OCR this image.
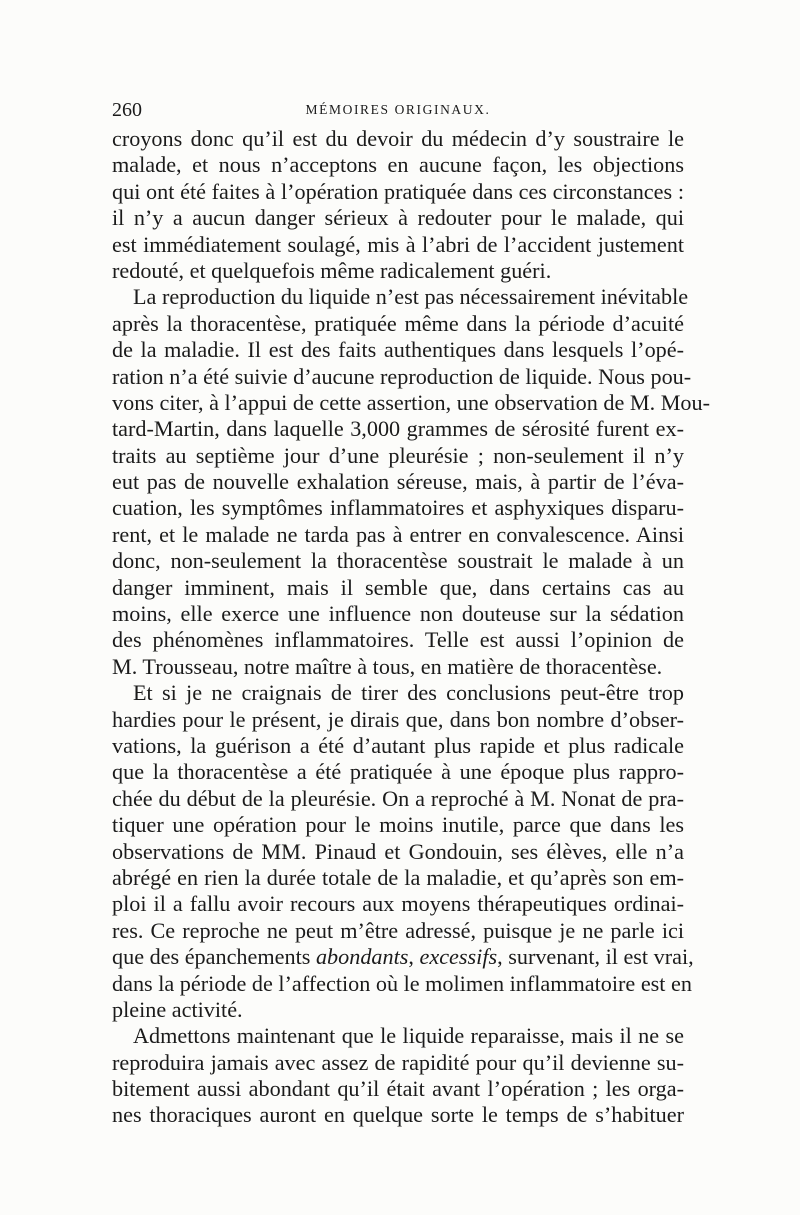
260	MÉMOIRES ORIGINAUX.
croyons donc qu’il est du devoir du médecin d’y soustraire le
malade, et nous n’acceptons en aucune façon, les objections
qui ont été faites à l’opération pratiquée dans ces circonstances :
il n’y a aucun danger sérieux à redouter pour le malade, qui
est immédiatement soulagé, mis à l’abri de l’accident justement
redouté, et quelquefois même radicalement guéri.
La reproduction du liquide n’est pas nécessairement inévitable
après la thoracentèse, pratiquée même dans la période d’acuité
de la maladie. Il est des faits authentiques dans lesquels l’opé-
ration n’a été suivie d’aucune reproduction de liquide. Nous pou-
vons citer, à l’appui de cette assertion, une observation de M. Mou-
tard-Martin, dans laquelle 3,000 grammes de sérosité furent ex-
traits au septième jour d’une pleurésie ; non-seulement il n’y
eut pas de nouvelle exhalation séreuse, mais, à partir de l’éva-
cuation, les symptômes inflammatoires et asphyxiques disparu-
rent, et le malade ne tarda pas à entrer en convalescence. Ainsi
donc, non-seulement la thoracentèse soustrait le malade à un
danger imminent, mais il semble que, dans certains cas au
moins, elle exerce une influence non douteuse sur la sédation
des phénomènes inflammatoires. Telle est aussi l’opinion de
M. Trousseau, notre maître à tous, en matière de thoracentèse.
Et si je ne craignais de tirer des conclusions peut-être trop
hardies pour le présent, je dirais que, dans bon nombre d’obser-
vations, la guérison a été d’autant plus rapide et plus radicale
que la thoracentèse a été pratiquée à une époque plus rappro-
chée du début de la pleurésie. On a reproché à M. Nonat de pra-
tiquer une opération pour le moins inutile, parce que dans les
observations de MM. Pinaud et Gondouin, ses élèves, elle n’a
abrégé en rien la durée totale de la maladie, et qu’après son em-
ploi il a fallu avoir recours aux moyens thérapeutiques ordinai-
res. Ce reproche ne peut m’être adressé, puisque je ne parle ici
que des épanchements abondants, excessifs, survenant, il est vrai,
dans la période de l’affection où le molimen inflammatoire est en
pleine activité.
Admettons maintenant que le liquide reparaisse, mais il ne se
reproduira jamais avec assez de rapidité pour qu’il devienne su-
bitement aussi abondant qu’il était avant l’opération ; les orga-
nes thoraciques auront en quelque sorte le temps de s’habituer
